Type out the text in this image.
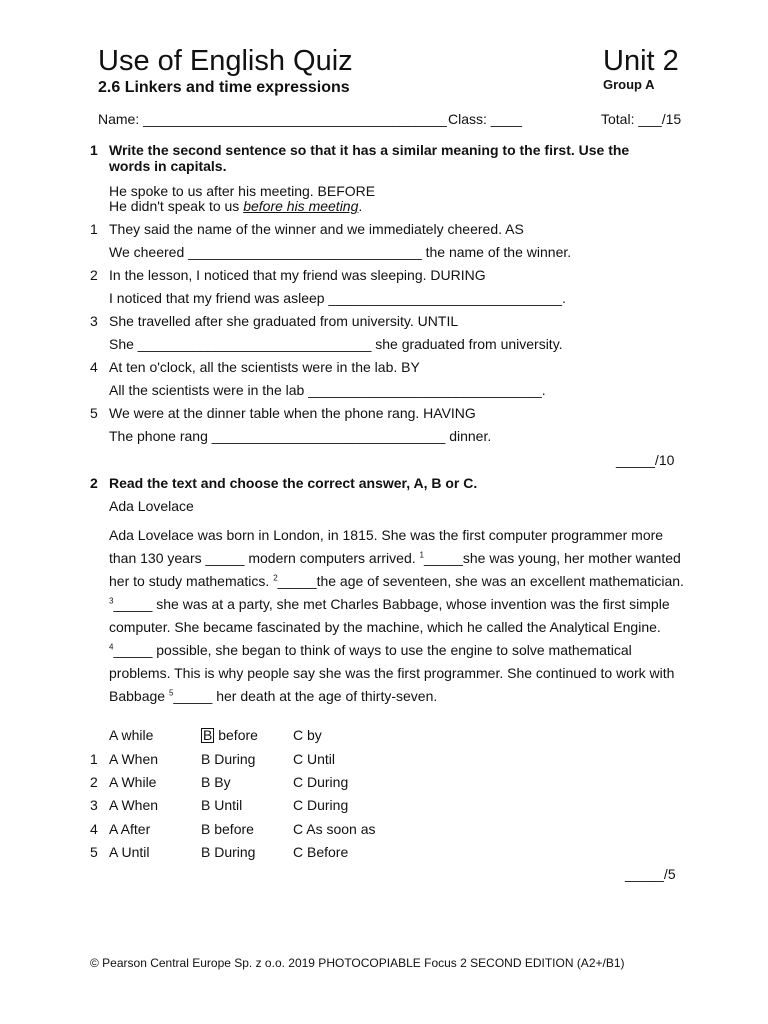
Use of English Quiz	Unit 2
2.6 Linkers and time expressions	Group A
Name: _______________________________________ Class: ____	Total: ___/15
1 Write the second sentence so that it has a similar meaning to the first. Use the
words in capitals.
He spoke to us after his meeting. BEFORE
He didn't speak to us before his meeting.
1 They said the name of the winner and we immediately cheered. AS
We cheered ______________________________ the name of the winner.
2 In the lesson, I noticed that my friend was sleeping. DURING
I noticed that my friend was asleep ______________________________.
3 She travelled after she graduated from university. UNTIL
She ______________________________ she graduated from university.
4 At ten o'clock, all the scientists were in the lab. BY
All the scientists were in the lab ______________________________.
5 We were at the dinner table when the phone rang. HAVING
The phone rang ______________________________ dinner.
_____/10
2 Read the text and choose the correct answer, A, B or C.
Ada Lovelace

Ada Lovelace was born in London, in 1815. She was the first computer programmer more than 130 years _____ modern computers arrived. $^1$_____she was young, her mother wanted her to study mathematics. $^2$_____the age of seventeen, she was an excellent mathematician. $^3$_____ she was at a party, she met Charles Babbage, whose invention was the first simple computer. She became fascinated by the machine, which he called the Analytical Engine. $^4$_____ possible, she began to think of ways to use the engine to solve mathematical problems. This is why people say she was the first programmer. She continued to work with Babbage $^5$_____ her death at the age of thirty-seven.

A while	B before	C by
1 A When	B During	C Until
2 A While	B By	C During
3 A When	B Until	C During
4 A After	B before	C As soon as
5 A Until	B During	C Before
_____/5
© Pearson Central Europe Sp. z o.o. 2019 PHOTOCOPIABLE Focus 2 SECOND EDITION (A2+/B1)
